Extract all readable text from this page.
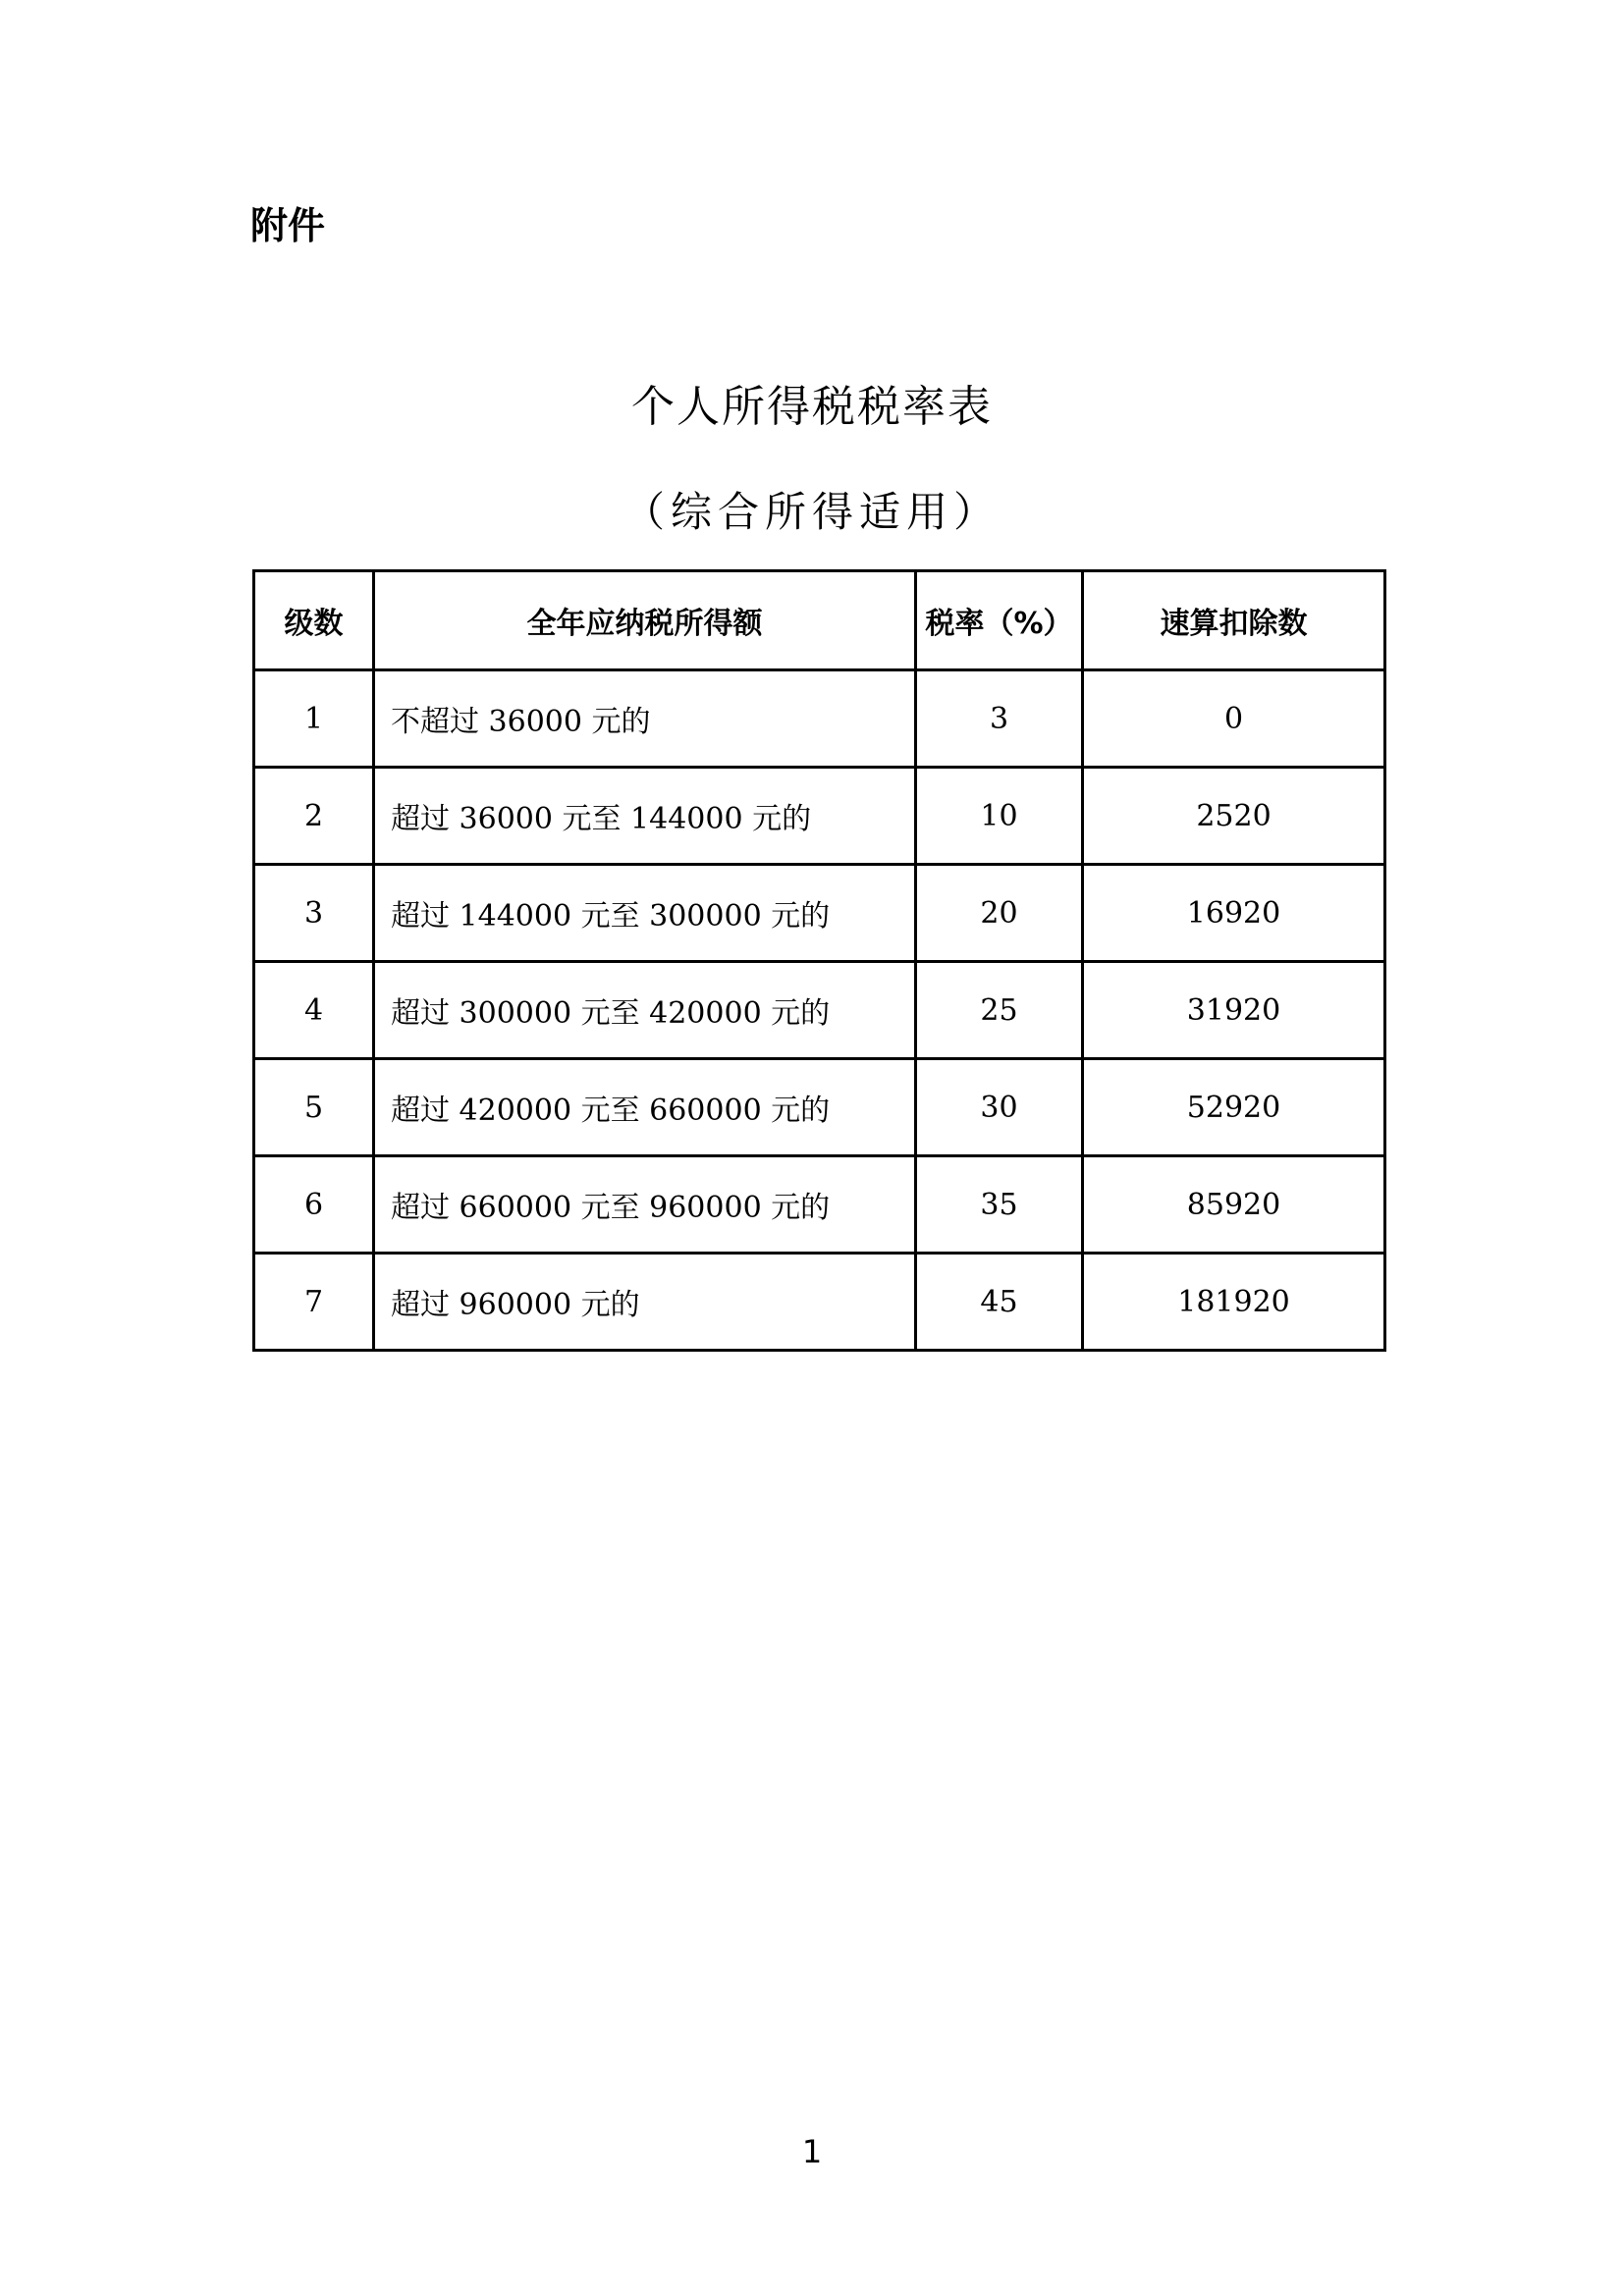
附件
个人所得税税率表
（综合所得适用）
级数	全年应纳税所得额	税率（%）	速算扣除数
1	不超过 36000 元的	3	0
2	超过 36000 元至 144000 元的	10	2520
3	超过 144000 元至 300000 元的	20	16920
4	超过 300000 元至 420000 元的	25	31920
5	超过 420000 元至 660000 元的	30	52920
6	超过 660000 元至 960000 元的	35	85920
7	超过 960000 元的	45	181920
1
